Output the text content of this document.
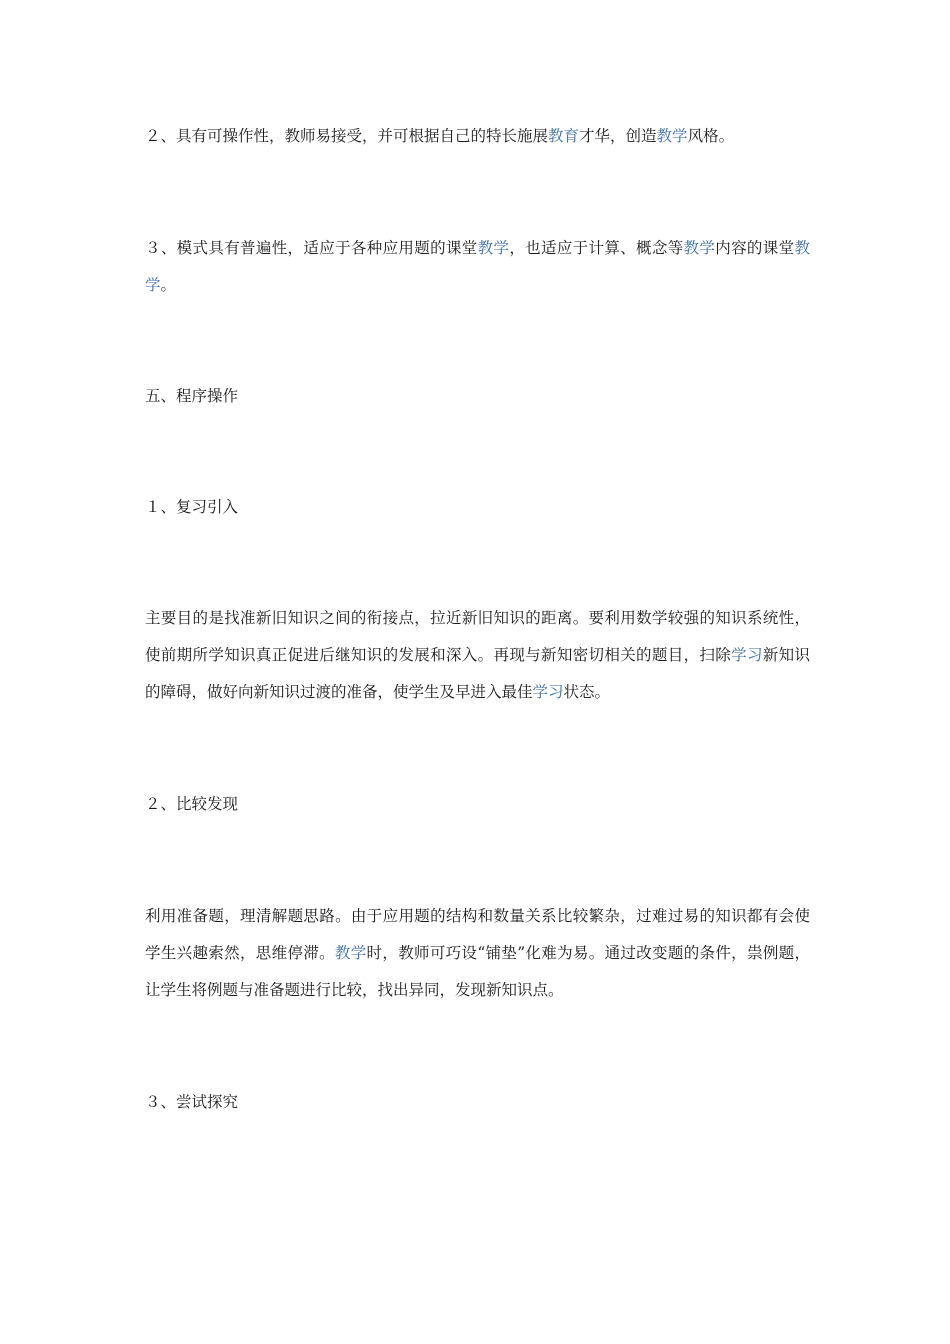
２、具有可操作性，教师易接受，并可根据自己的特长施展教育才华，创造教学风格。

３、模式具有普遍性，适应于各种应用题的课堂教学，也适应于计算、概念等教学内容的课堂教学。

五、程序操作

１、复习引入

主要目的是找准新旧知识之间的衔接点，拉近新旧知识的距离。要利用数学较强的知识系统性，使前期所学知识真正促进后继知识的发展和深入。再现与新知密切相关的题目，扫除学习新知识的障碍，做好向新知识过渡的准备，使学生及早进入最佳学习状态。

２、比较发现

利用准备题，理清解题思路。由于应用题的结构和数量关系比较繁杂，过难过易的知识都有会使学生兴趣索然，思维停滞。教学时，教师可巧设“铺垫”化难为易。通过改变题的条件，祟例题，让学生将例题与准备题进行比较，找出异同，发现新知识点。

３、尝试探究
